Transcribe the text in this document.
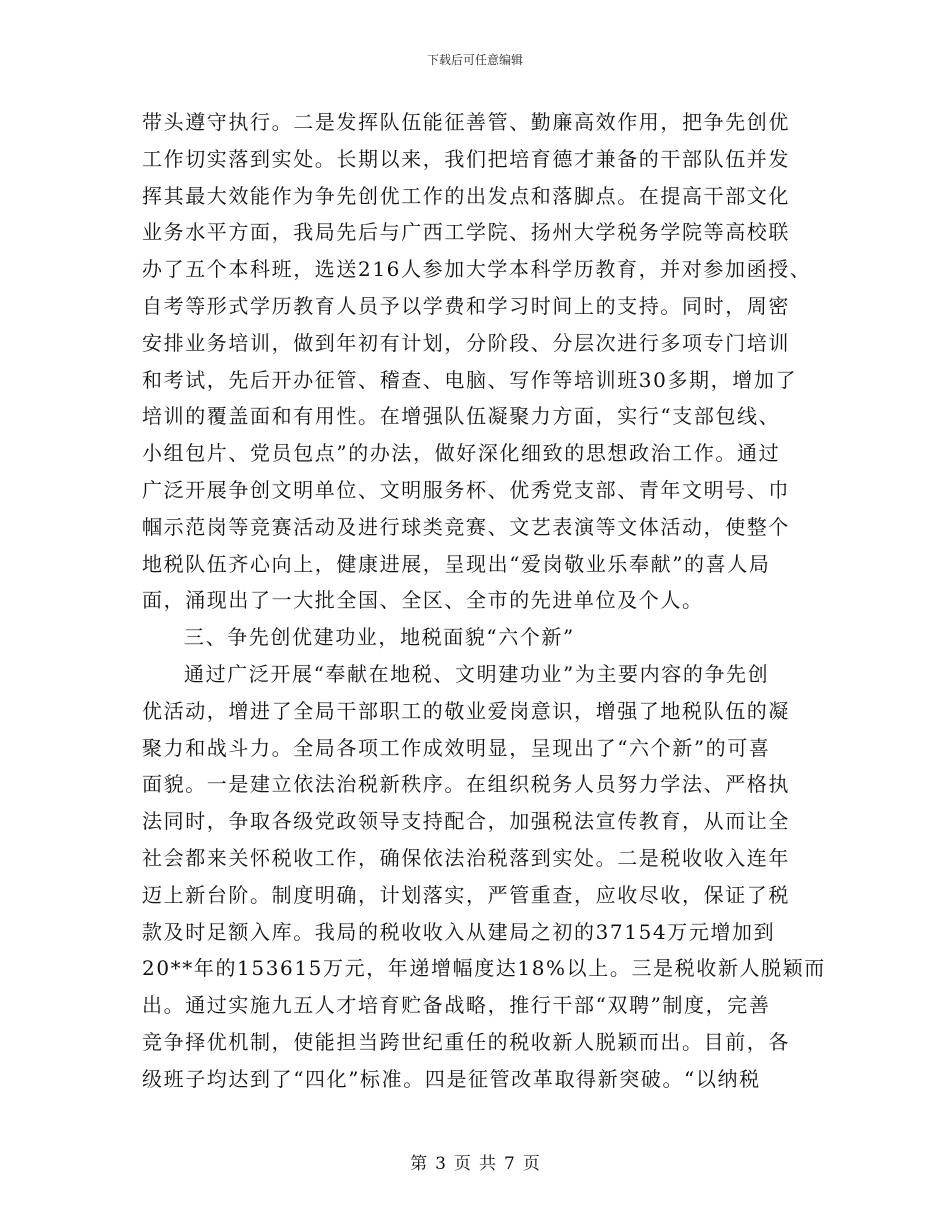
下载后可任意编辑
带头遵守执行。二是发挥队伍能征善管、勤廉高效作用，把争先创优
工作切实落到实处。长期以来，我们把培育德才兼备的干部队伍并发
挥其最大效能作为争先创优工作的出发点和落脚点。在提高干部文化
业务水平方面，我局先后与广西工学院、扬州大学税务学院等高校联
办了五个本科班，选送216人参加大学本科学历教育，并对参加函授、
自考等形式学历教育人员予以学费和学习时间上的支持。同时，周密
安排业务培训，做到年初有计划，分阶段、分层次进行多项专门培训
和考试，先后开办征管、稽查、电脑、写作等培训班30多期，增加了
培训的覆盖面和有用性。在增强队伍凝聚力方面，实行“支部包线、
小组包片、党员包点”的办法，做好深化细致的思想政治工作。通过
广泛开展争创文明单位、文明服务杯、优秀党支部、青年文明号、巾
帼示范岗等竞赛活动及进行球类竞赛、文艺表演等文体活动，使整个
地税队伍齐心向上，健康进展，呈现出“爱岗敬业乐奉献”的喜人局
面，涌现出了一大批全国、全区、全市的先进单位及个人。
三、争先创优建功业，地税面貌“六个新”
通过广泛开展“奉献在地税、文明建功业”为主要内容的争先创
优活动，增进了全局干部职工的敬业爱岗意识，增强了地税队伍的凝
聚力和战斗力。全局各项工作成效明显，呈现出了“六个新”的可喜
面貌。一是建立依法治税新秩序。在组织税务人员努力学法、严格执
法同时，争取各级党政领导支持配合，加强税法宣传教育，从而让全
社会都来关怀税收工作，确保依法治税落到实处。二是税收收入连年
迈上新台阶。制度明确，计划落实，严管重查，应收尽收，保证了税
款及时足额入库。我局的税收收入从建局之初的37154万元增加到
20**年的153615万元，年递增幅度达18%以上。三是税收新人脱颖而
出。通过实施九五人才培育贮备战略，推行干部“双聘”制度，完善
竞争择优机制，使能担当跨世纪重任的税收新人脱颖而出。目前，各
级班子均达到了“四化”标准。四是征管改革取得新突破。“以纳税
第 3 页 共 7 页
